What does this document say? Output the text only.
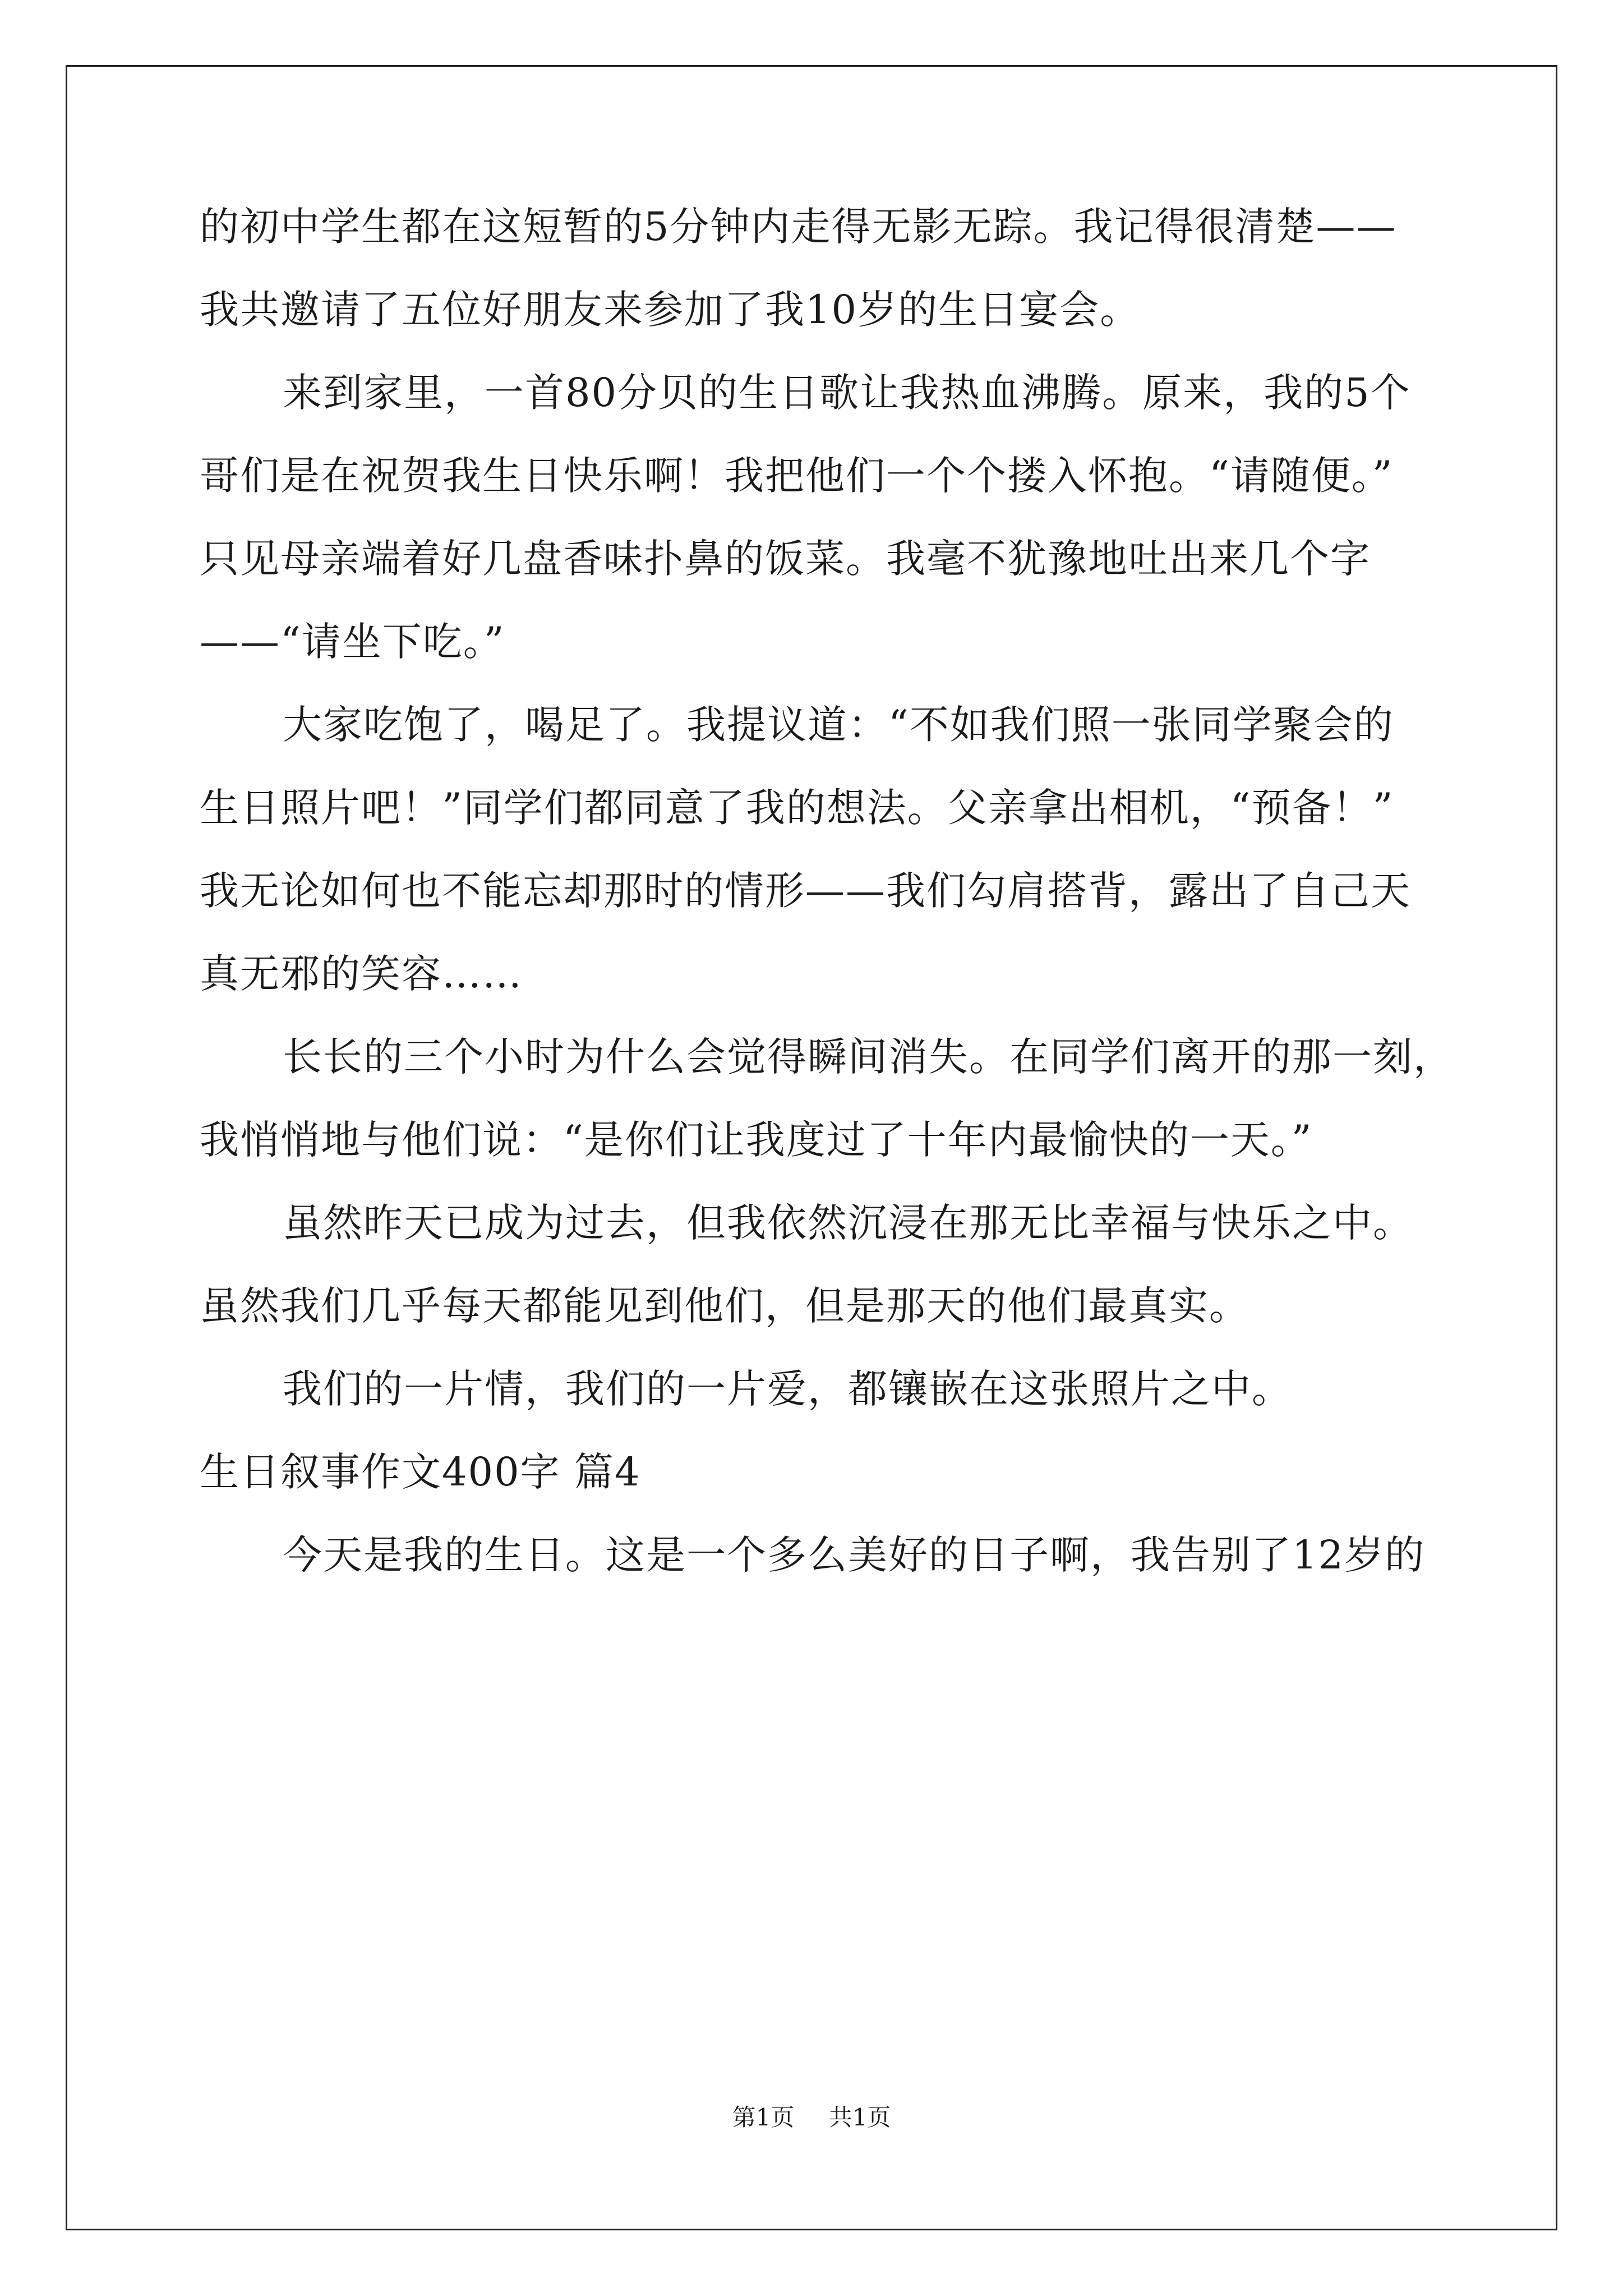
的初中学生都在这短暂的5分钟内走得无影无踪。我记得很清楚——
我共邀请了五位好朋友来参加了我10岁的生日宴会。
来到家里，一首80分贝的生日歌让我热血沸腾。原来，我的5个
哥们是在祝贺我生日快乐啊！我把他们一个个搂入怀抱。“请随便。”
只见母亲端着好几盘香味扑鼻的饭菜。我毫不犹豫地吐出来几个字
——“请坐下吃。”
大家吃饱了，喝足了。我提议道：“不如我们照一张同学聚会的
生日照片吧！”同学们都同意了我的想法。父亲拿出相机，“预备！”
我无论如何也不能忘却那时的情形——我们勾肩搭背，露出了自己天
真无邪的笑容……
长长的三个小时为什么会觉得瞬间消失。在同学们离开的那一刻，
我悄悄地与他们说：“是你们让我度过了十年内最愉快的一天。”
虽然昨天已成为过去，但我依然沉浸在那无比幸福与快乐之中。
虽然我们几乎每天都能见到他们，但是那天的他们最真实。
我们的一片情，我们的一片爱，都镶嵌在这张照片之中。
生日叙事作文400字 篇4
今天是我的生日。这是一个多么美好的日子啊，我告别了12岁的
第1页 共1页
